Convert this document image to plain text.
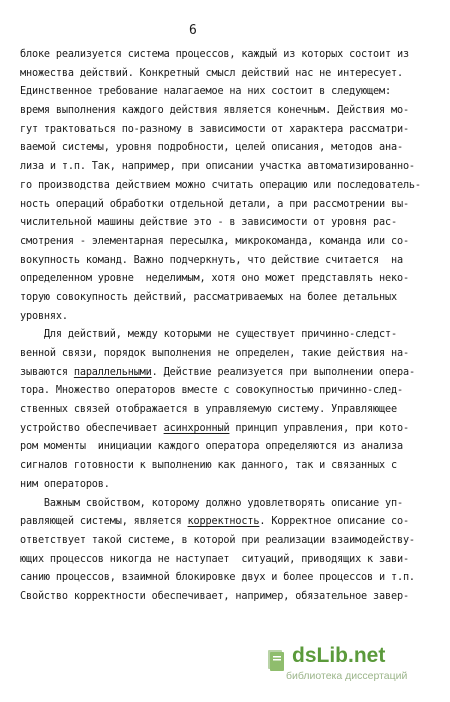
6
блоке реализуется система процессов, каждый из которых состоит из
множества действий. Конкретный смысл действий нас не интересует.
Единственное требование налагаемое на них состоит в следующем:
время выполнения каждого действия является конечным. Действия мо-
гут трактоваться по-разному в зависимости от характера рассматри-
ваемой системы, уровня подробности, целей описания, методов ана-
лиза и т.п. Так, например, при описании участка автоматизированно-
го производства действием можно считать операцию или последователь-
ность операций обработки отдельной детали, а при рассмотрении вы-
числительной машины действие это - в зависимости от уровня рас-
смотрения - элементарная пересылка, микрокоманда, команда или со-
вокупность команд. Важно подчеркнуть, что действие считается  на
определенном уровне  неделимым, хотя оно может представлять неко-
торую совокупность действий, рассматриваемых на более детальных
уровнях.
Для действий, между которыми не существует причинно-следст-
венной связи, порядок выполнения не определен, такие действия на-
зываются параллельными. Действие реализуется при выполнении опера-
тора. Множество операторов вместе с совокупностью причинно-след-
ственных связей отображается в управляемую систему. Управляющее
устройство обеспечивает асинхронный принцип управления, при кото-
ром моменты  инициации каждого оператора определяются из анализа
сигналов готовности к выполнению как данного, так и связанных с
ним операторов.
Важным свойством, которому должно удовлетворять описание уп-
равляющей системы, является корректность. Корректное описание со-
ответствует такой системе, в которой при реализации взаимодейству-
ющих процессов никогда не наступает  ситуаций, приводящих к зави-
санию процессов, взаимной блокировке двух и более процессов и т.п.
Свойство корректности обеспечивает, например, обязательное завер-
dsLib.net
библиотека диссертаций
